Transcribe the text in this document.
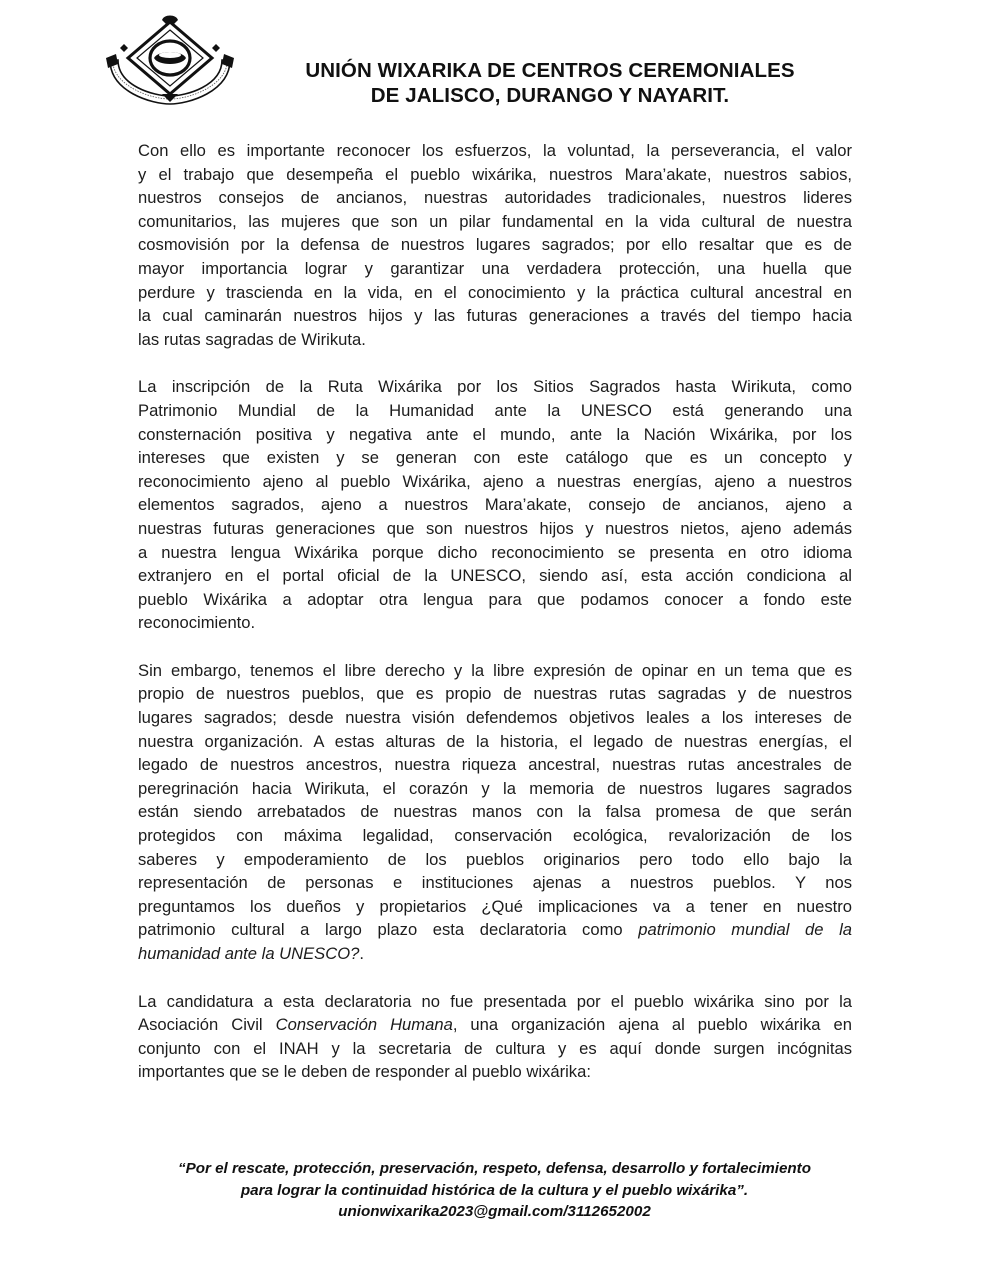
UNIÓN WIXARIKA DE CENTROS CEREMONIALES
DE JALISCO, DURANGO Y NAYARIT.

Con ello es importante reconocer los esfuerzos, la voluntad, la perseverancia, el valor
y el trabajo que desempeña el pueblo wixárika, nuestros Mara’akate, nuestros sabios,
nuestros consejos de ancianos, nuestras autoridades tradicionales, nuestros lideres
comunitarios, las mujeres que son un pilar fundamental en la vida cultural de nuestra
cosmovisión por la defensa de nuestros lugares sagrados; por ello resaltar que es de
mayor importancia lograr y garantizar una verdadera protección, una huella que
perdure y trascienda en la vida, en el conocimiento y la práctica cultural ancestral en
la cual caminarán nuestros hijos y las futuras generaciones a través del tiempo hacia
las rutas sagradas de Wirikuta.

La inscripción de la Ruta Wixárika por los Sitios Sagrados hasta Wirikuta, como
Patrimonio Mundial de la Humanidad ante la UNESCO está generando una
consternación positiva y negativa ante el mundo, ante la Nación Wixárika, por los
intereses que existen y se generan con este catálogo que es un concepto y
reconocimiento ajeno al pueblo Wixárika, ajeno a nuestras energías, ajeno a nuestros
elementos sagrados, ajeno a nuestros Mara’akate, consejo de ancianos, ajeno a
nuestras futuras generaciones que son nuestros hijos y nuestros nietos, ajeno además
a nuestra lengua Wixárika porque dicho reconocimiento se presenta en otro idioma
extranjero en el portal oficial de la UNESCO, siendo así, esta acción condiciona al
pueblo Wixárika a adoptar otra lengua para que podamos conocer a fondo este
reconocimiento.

Sin embargo, tenemos el libre derecho y la libre expresión de opinar en un tema que es
propio de nuestros pueblos, que es propio de nuestras rutas sagradas y de nuestros
lugares sagrados; desde nuestra visión defendemos objetivos leales a los intereses de
nuestra organización. A estas alturas de la historia, el legado de nuestras energías, el
legado de nuestros ancestros, nuestra riqueza ancestral, nuestras rutas ancestrales de
peregrinación hacia Wirikuta, el corazón y la memoria de nuestros lugares sagrados
están siendo arrebatados de nuestras manos con la falsa promesa de que serán
protegidos con máxima legalidad, conservación ecológica, revalorización de los
saberes y empoderamiento de los pueblos originarios pero todo ello bajo la
representación de personas e instituciones ajenas a nuestros pueblos. Y nos
preguntamos los dueños y propietarios ¿Qué implicaciones va a tener en nuestro
patrimonio cultural a largo plazo esta declaratoria como patrimonio mundial de la
humanidad ante la UNESCO?.

La candidatura a esta declaratoria no fue presentada por el pueblo wixárika sino por la
Asociación Civil Conservación Humana, una organización ajena al pueblo wixárika en
conjunto con el INAH y la secretaria de cultura y es aquí donde surgen incógnitas
importantes que se le deben de responder al pueblo wixárika:

“Por el rescate, protección, preservación, respeto, defensa, desarrollo y fortalecimiento
para lograr la continuidad histórica de la cultura y el pueblo wixárika”.
unionwixarika2023@gmail.com/3112652002
